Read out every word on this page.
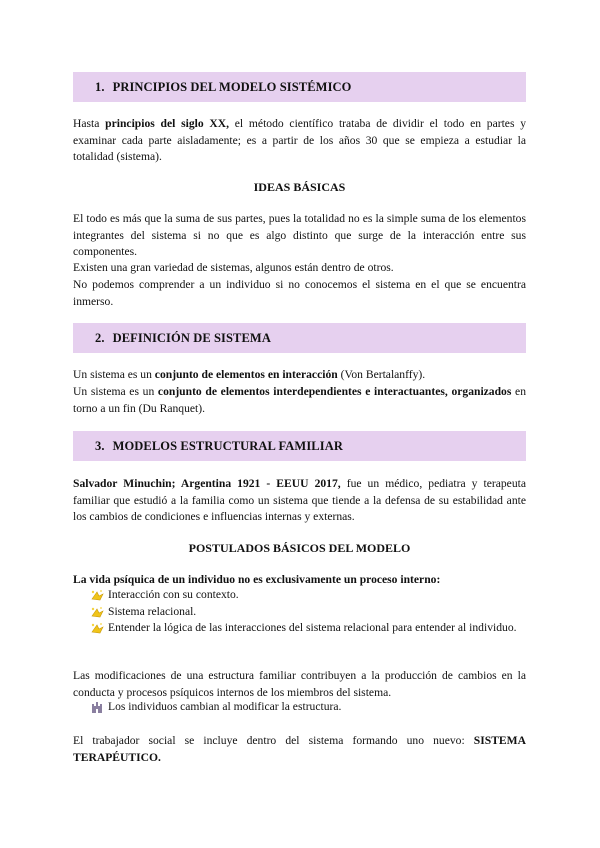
1. PRINCIPIOS DEL MODELO SISTÉMICO

Hasta principios del siglo XX, el método científico trataba de dividir el todo en partes y examinar cada parte aisladamente; es a partir de los años 30 que se empieza a estudiar la totalidad (sistema).

IDEAS BÁSICAS

El todo es más que la suma de sus partes, pues la totalidad no es la simple suma de los elementos integrantes del sistema si no que es algo distinto que surge de la interacción entre sus componentes.

Existen una gran variedad de sistemas, algunos están dentro de otros.

No podemos comprender a un individuo si no conocemos el sistema en el que se encuentra inmerso.

2. DEFINICIÓN DE SISTEMA

Un sistema es un conjunto de elementos en interacción (Von Bertalanffy).

Un sistema es un conjunto de elementos interdependientes e interactuantes, organizados en torno a un fin (Du Ranquet).

3. MODELOS ESTRUCTURAL FAMILIAR

Salvador Minuchin; Argentina 1921 - EEUU 2017, fue un médico, pediatra y terapeuta familiar que estudió a la familia como un sistema que tiende a la defensa de su estabilidad ante los cambios de condiciones e influencias internas y externas.

POSTULADOS BÁSICOS DEL MODELO

La vida psíquica de un individuo no es exclusivamente un proceso interno:

Interacción con su contexto.
Sistema relacional.
Entender la lógica de las interacciones del sistema relacional para entender al individuo.

Las modificaciones de una estructura familiar contribuyen a la producción de cambios en la conducta y procesos psíquicos internos de los miembros del sistema.

Los individuos cambian al modificar la estructura.

El trabajador social se incluye dentro del sistema formando uno nuevo: SISTEMA TERAPÉUTICO.
